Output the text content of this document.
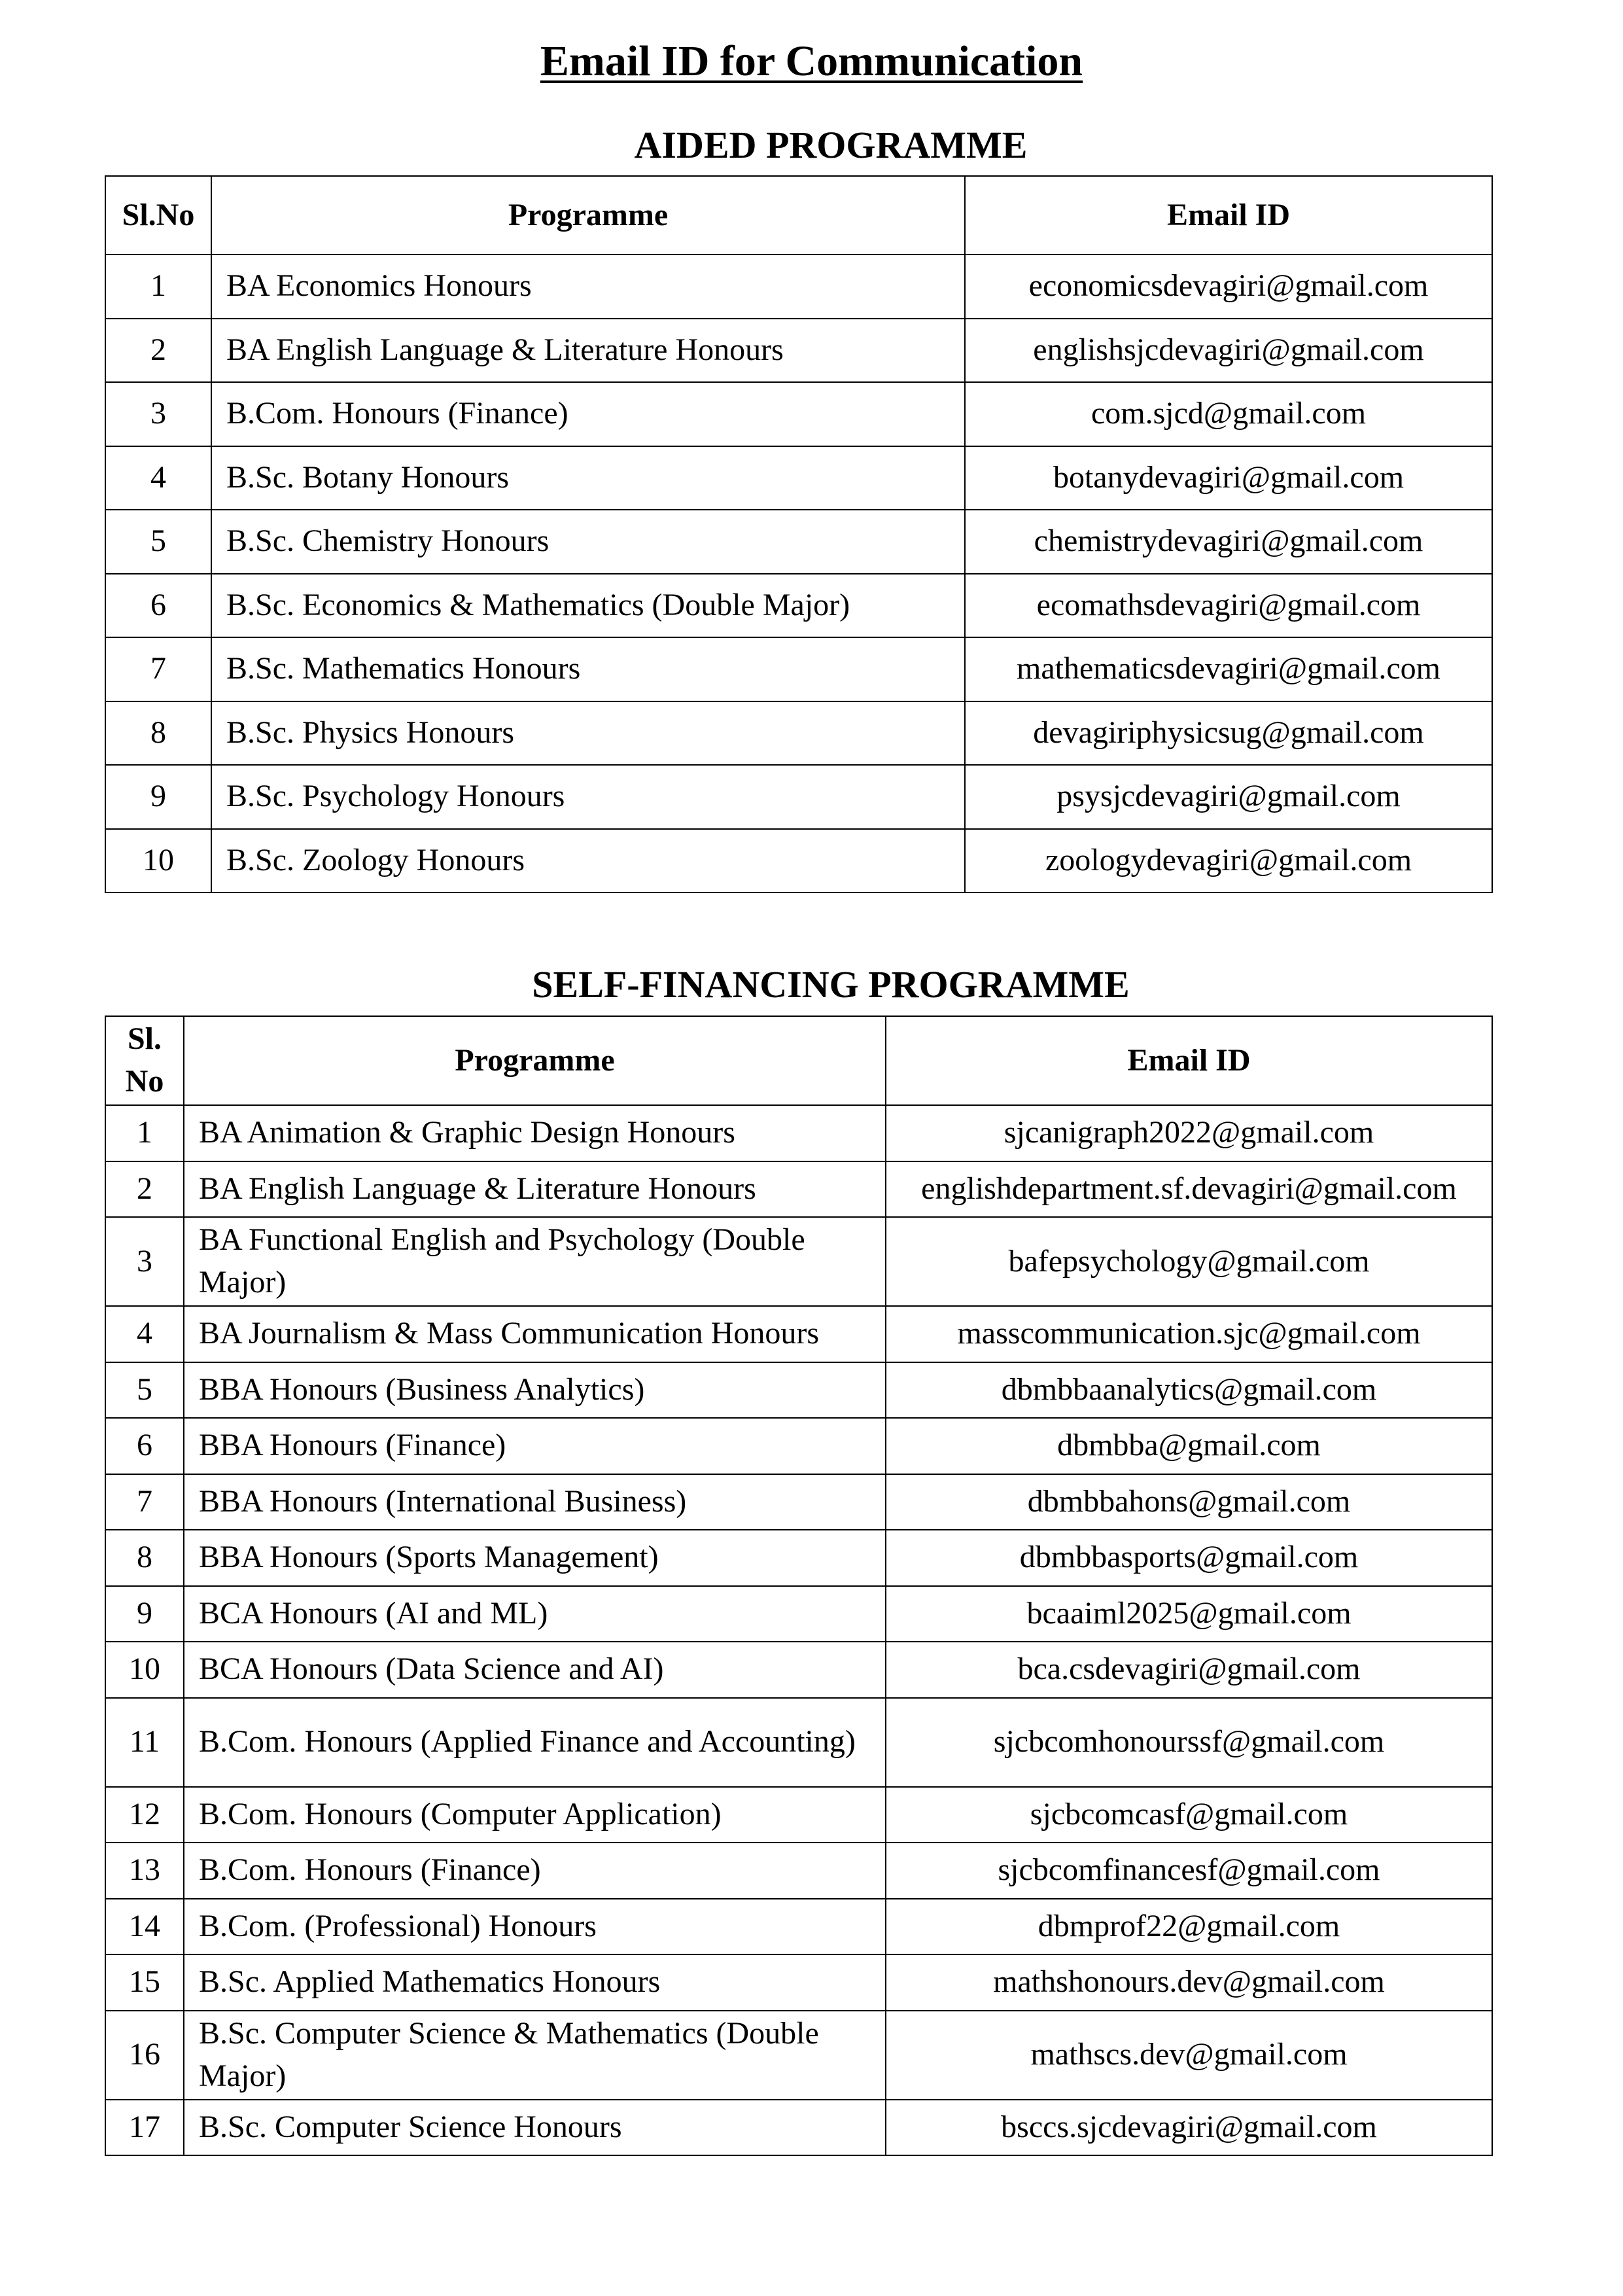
Email ID for Communication
AIDED PROGRAMME
Sl.No	Programme	Email ID
1	BA Economics Honours	economicsdevagiri@gmail.com
2	BA English Language & Literature Honours	englishsjcdevagiri@gmail.com
3	B.Com. Honours (Finance)	com.sjcd@gmail.com
4	B.Sc. Botany Honours	botanydevagiri@gmail.com
5	B.Sc. Chemistry Honours	chemistrydevagiri@gmail.com
6	B.Sc. Economics & Mathematics (Double Major)	ecomathsdevagiri@gmail.com
7	B.Sc. Mathematics Honours	mathematicsdevagiri@gmail.com
8	B.Sc. Physics Honours	devagiriphysicsug@gmail.com
9	B.Sc. Psychology Honours	psysjcdevagiri@gmail.com
10	B.Sc. Zoology Honours	zoologydevagiri@gmail.com
SELF-FINANCING PROGRAMME
Sl.
No	Programme	Email ID
1	BA Animation & Graphic Design Honours	sjcanigraph2022@gmail.com
2	BA English Language & Literature Honours	englishdepartment.sf.devagiri@gmail.com
3	BA Functional English and Psychology (Double Major)	bafepsychology@gmail.com
4	BA Journalism & Mass Communication Honours	masscommunication.sjc@gmail.com
5	BBA Honours (Business Analytics)	dbmbbaanalytics@gmail.com
6	BBA Honours (Finance)	dbmbba@gmail.com
7	BBA Honours (International Business)	dbmbbahons@gmail.com
8	BBA Honours (Sports Management)	dbmbbasports@gmail.com
9	BCA Honours (AI and ML)	bcaaiml2025@gmail.com
10	BCA Honours (Data Science and AI)	bca.csdevagiri@gmail.com
11	B.Com. Honours (Applied Finance and Accounting)	sjcbcomhonourssf@gmail.com
12	B.Com. Honours (Computer Application)	sjcbcomcasf@gmail.com
13	B.Com. Honours (Finance)	sjcbcomfinancesf@gmail.com
14	B.Com. (Professional) Honours	dbmprof22@gmail.com
15	B.Sc. Applied Mathematics Honours	mathshonours.dev@gmail.com
16	B.Sc. Computer Science & Mathematics (Double Major)	mathscs.dev@gmail.com
17	B.Sc. Computer Science Honours	bsccs.sjcdevagiri@gmail.com
